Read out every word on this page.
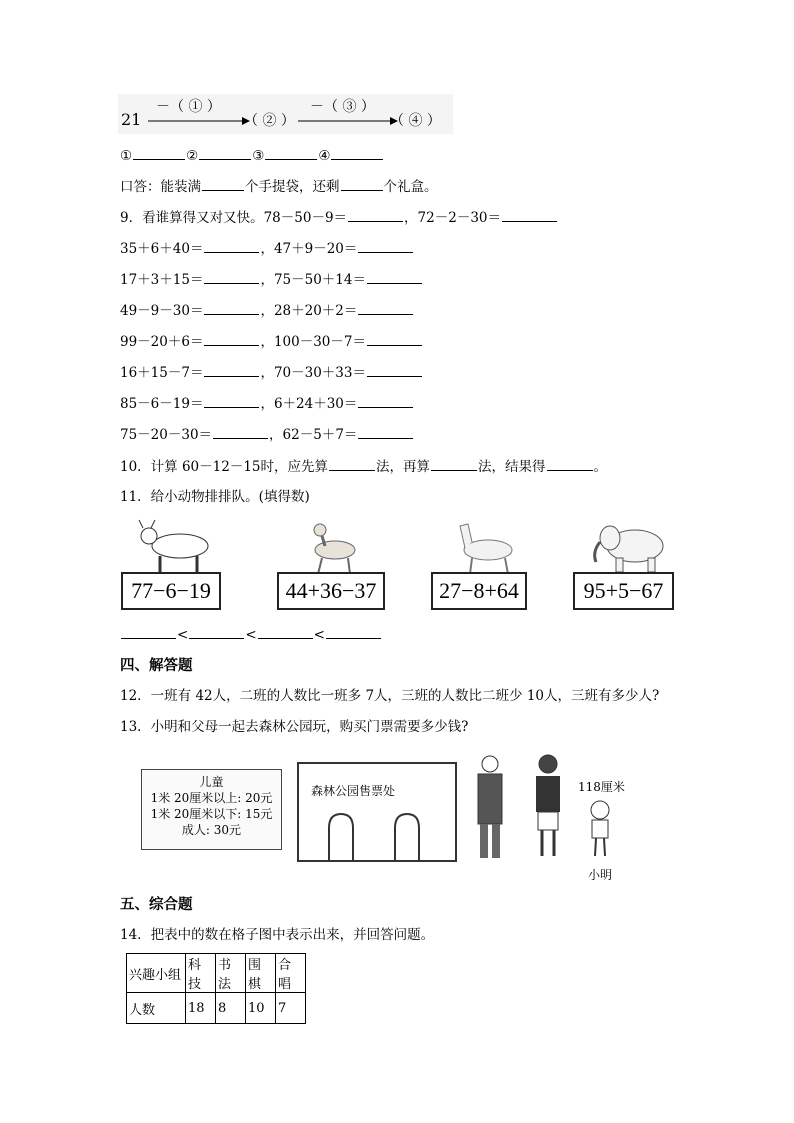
21
－（ ① ）
（ ② ）
－（ ③ ）
（ ④ ）
①	②	③	④
口答：能装满	个手提袋，还剩	个礼盒。
9．看谁算得又对又快。78－50－9＝	，72－2－30＝
35＋6＋40＝	，47＋9－20＝
17＋3＋15＝	，75－50＋14＝
49－9－30＝	，28＋20＋2＝
99－20＋6＝	，100－30－7＝
16＋15－7＝	，70－30＋33＝
85－6－19＝	，6＋24＋30＝
75－20－30＝	，62－5＋7＝
10．计算 60－12－15时，应先算	法，再算	法，结果得	。
11．给小动物排排队。(填得数)
77−6−19	44+36−37	27−8+64	95+5−67
<	<	<
四、解答题
12．一班有 42人，二班的人数比一班多 7人，三班的人数比二班少 10人，三班有多少人?
13．小明和父母一起去森林公园玩，购买门票需要多少钱?
儿童
1米 20厘米以上: 20元
1米 20厘米以下: 15元
成人: 30元
森林公园售票处	118厘米
小明
五、综合题
14．把表中的数在格子图中表示出来，并回答问题。
兴趣小组	科技	书法	围棋	合唱
人数	18	8	10	7
